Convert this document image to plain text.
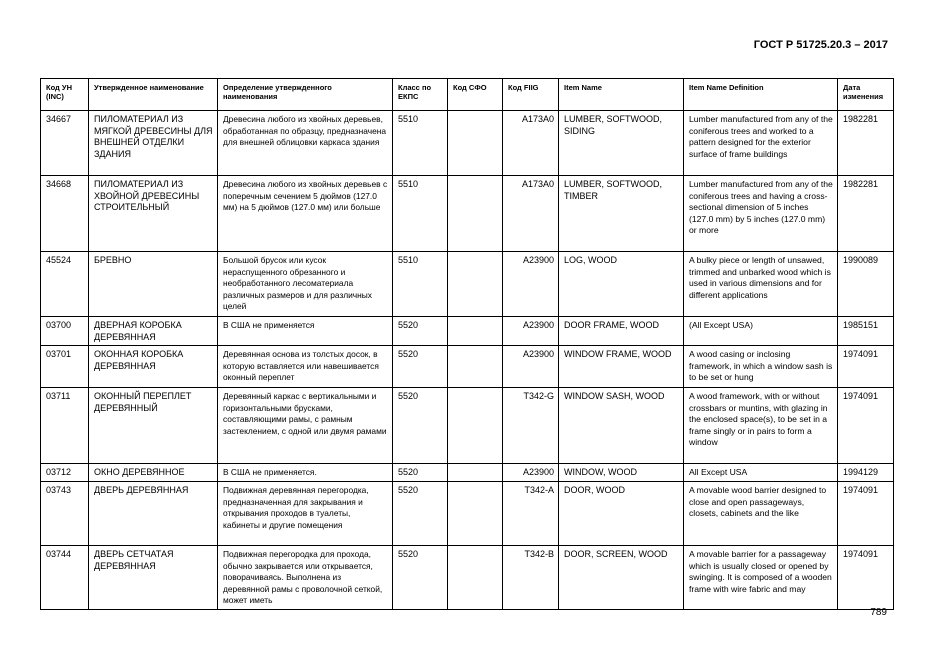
ГОСТ Р 51725.20.3 – 2017
Код УН (INC)	Утвержденное наименование	Определение утвержденного наименования	Класс по ЕКПС	Код СФО	Код FIIG	Item Name	Item Name Definition	Дата изменения
34667	ПИЛОМАТЕРИАЛ ИЗ МЯГКОЙ ДРЕВЕСИНЫ ДЛЯ ВНЕШНЕЙ ОТДЕЛКИ ЗДАНИЯ	Древесина любого из хвойных деревьев, обработанная по образцу, предназначена для внешней облицовки каркаса здания	5510		A173A0	LUMBER, SOFTWOOD, SIDING	Lumber manufactured from any of the coniferous trees and worked to a pattern designed for the exterior surface of frame buildings	1982281
34668	ПИЛОМАТЕРИАЛ ИЗ ХВОЙНОЙ ДРЕВЕСИНЫ СТРОИТЕЛЬНЫЙ	Древесина любого из хвойных деревьев с поперечным сечением 5 дюймов (127.0 мм) на 5 дюймов (127.0 мм) или больше	5510		A173A0	LUMBER, SOFTWOOD, TIMBER	Lumber manufactured from any of the coniferous trees and having a cross-sectional dimension of 5 inches (127.0 mm) by 5 inches (127.0 mm) or more	1982281
45524	БРЕВНО	Большой брусок или кусок нераспущенного обрезанного и необработанного лесоматериала различных размеров и для различных целей	5510		A23900	LOG, WOOD	A bulky piece or length of unsawed, trimmed and unbarked wood which is used in various dimensions and for different applications	1990089
03700	ДВЕРНАЯ КОРОБКА ДЕРЕВЯННАЯ	В США не применяется	5520		A23900	DOOR FRAME, WOOD	(All Except USA)	1985151
03701	ОКОННАЯ КОРОБКА ДЕРЕВЯННАЯ	Деревянная основа из толстых досок, в которую вставляется или навешивается оконный переплет	5520		A23900	WINDOW FRAME, WOOD	A wood casing or inclosing framework, in which a window sash is to be set or hung	1974091
03711	ОКОННЫЙ ПЕРЕПЛЕТ ДЕРЕВЯННЫЙ	Деревянный каркас с вертикальными и горизонтальными брусками, составляющими рамы, с рамным застеклением, с одной или двумя рамами	5520		T342-G	WINDOW SASH, WOOD	A wood framework, with or without crossbars or muntins, with glazing in the enclosed space(s), to be set in a frame singly or in pairs to form a window	1974091
03712	ОКНО ДЕРЕВЯННОЕ	В США не применяется.	5520		A23900	WINDOW, WOOD	All Except USA	1994129
03743	ДВЕРЬ ДЕРЕВЯННАЯ	Подвижная деревянная перегородка, предназначенная для закрывания и открывания проходов в туалеты, кабинеты и другие помещения	5520		T342-A	DOOR, WOOD	A movable wood barrier designed to close and open passageways, closets, cabinets and the like	1974091
03744	ДВЕРЬ СЕТЧАТАЯ ДЕРЕВЯННАЯ	Подвижная перегородка для прохода, обычно закрывается или открывается, поворачиваясь. Выполнена из деревянной рамы с проволочной сеткой, может иметь	5520		T342-B	DOOR, SCREEN, WOOD	A movable barrier for a passageway which is usually closed or opened by swinging. It is composed of a wooden frame with wire fabric and may	1974091
789
